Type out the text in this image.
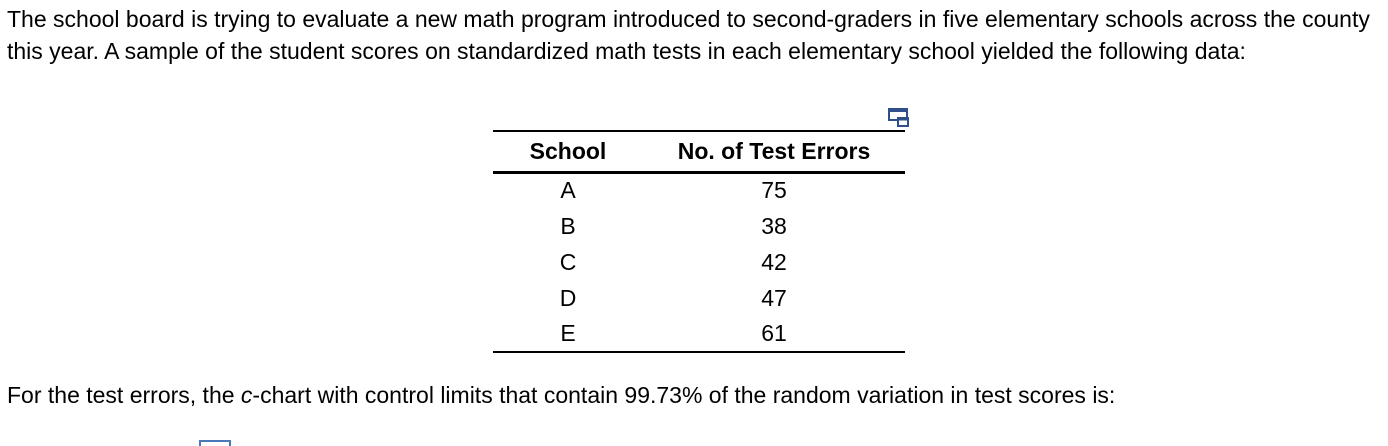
The school board is trying to evaluate a new math program introduced to second-graders in five elementary schools across the county this year. A sample of the student scores on standardized math tests in each elementary school yielded the following data:

School	No. of Test Errors
A	75
B	38
C	42
D	47
E	61

For the test errors, the c-chart with control limits that contain 99.73% of the random variation in test scores is:
